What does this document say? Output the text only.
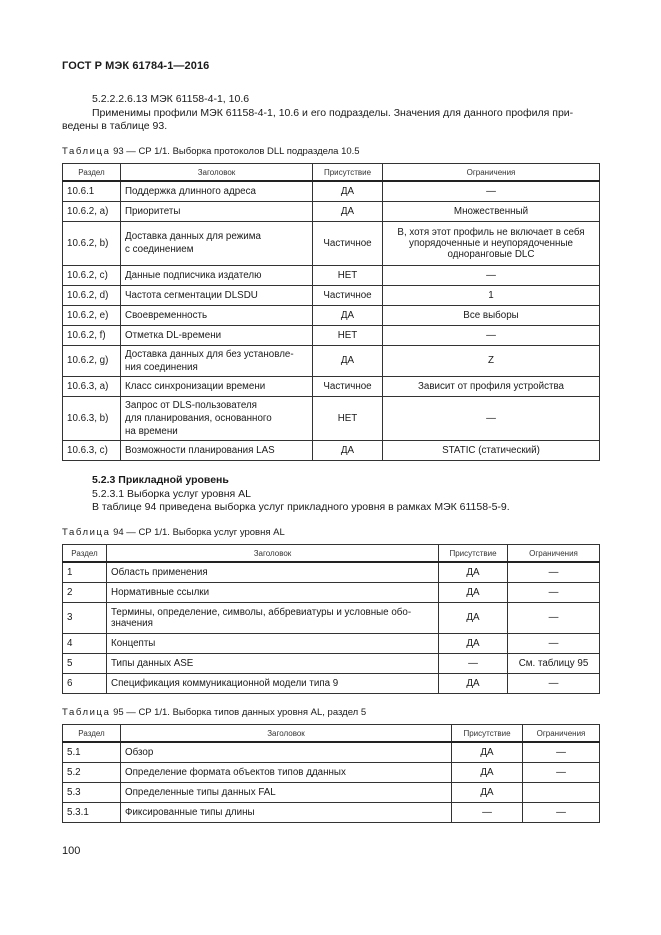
ГОСТ Р МЭК 61784-1—2016
5.2.2.2.6.13 МЭК 61158-4-1, 10.6
Применимы профили МЭК 61158-4-1, 10.6 и его подразделы. Значения для данного профиля при-
ведены в таблице 93.
Таблица 93 — CP 1/1. Выборка протоколов DLL подраздела 10.5
Раздел	Заголовок	Присутствие	Ограничения
10.6.1	Поддержка длинного адреса	ДА	—
10.6.2, а)	Приоритеты	ДА	Множественный
10.6.2, b)	Доставка данных для режима
с соединением	Частичное	В, хотя этот профиль не включает в себя
упорядоченные и неупорядоченные
одноранговые DLC
10.6.2, с)	Данные подписчика издателю	НЕТ	—
10.6.2, d)	Частота сегментации DLSDU	Частичное	1
10.6.2, е)	Своевременность	ДА	Все выборы
10.6.2, f)	Отметка DL-времени	НЕТ	—
10.6.2, g)	Доставка данных для без установле-
ния соединения	ДА	Z
10.6.3, а)	Класс синхронизации времени	Частичное	Зависит от профиля устройства
10.6.3, b)	Запрос от DLS-пользователя
для планирования, основанного
на времени	НЕТ	—
10.6.3, с)	Возможности планирования LAS	ДА	STATIC (статический)
5.2.3 Прикладной уровень
5.2.3.1 Выборка услуг уровня AL
В таблице 94 приведена выборка услуг прикладного уровня в рамках МЭК 61158-5-9.
Таблица 94 — CP 1/1. Выборка услуг уровня AL
Раздел	Заголовок	Присутствие	Ограничения
1	Область применения	ДА	—
2	Нормативные ссылки	ДА	—
3	Термины, определение, символы, аббревиатуры и условные обо-
значения	ДА	—
4	Концепты	ДА	—
5	Типы данных ASE	—	См. таблицу 95
6	Спецификация коммуникационной модели типа 9	ДА	—
Таблица 95 — CP 1/1. Выборка типов данных уровня AL, раздел 5
Раздел	Заголовок	Присутствие	Ограничения
5.1	Обзор	ДА	—
5.2	Определение формата объектов типов дданных	ДА	—
5.3	Определенные типы данных FAL	ДА	
5.3.1	Фиксированные типы длины	—	—
100
